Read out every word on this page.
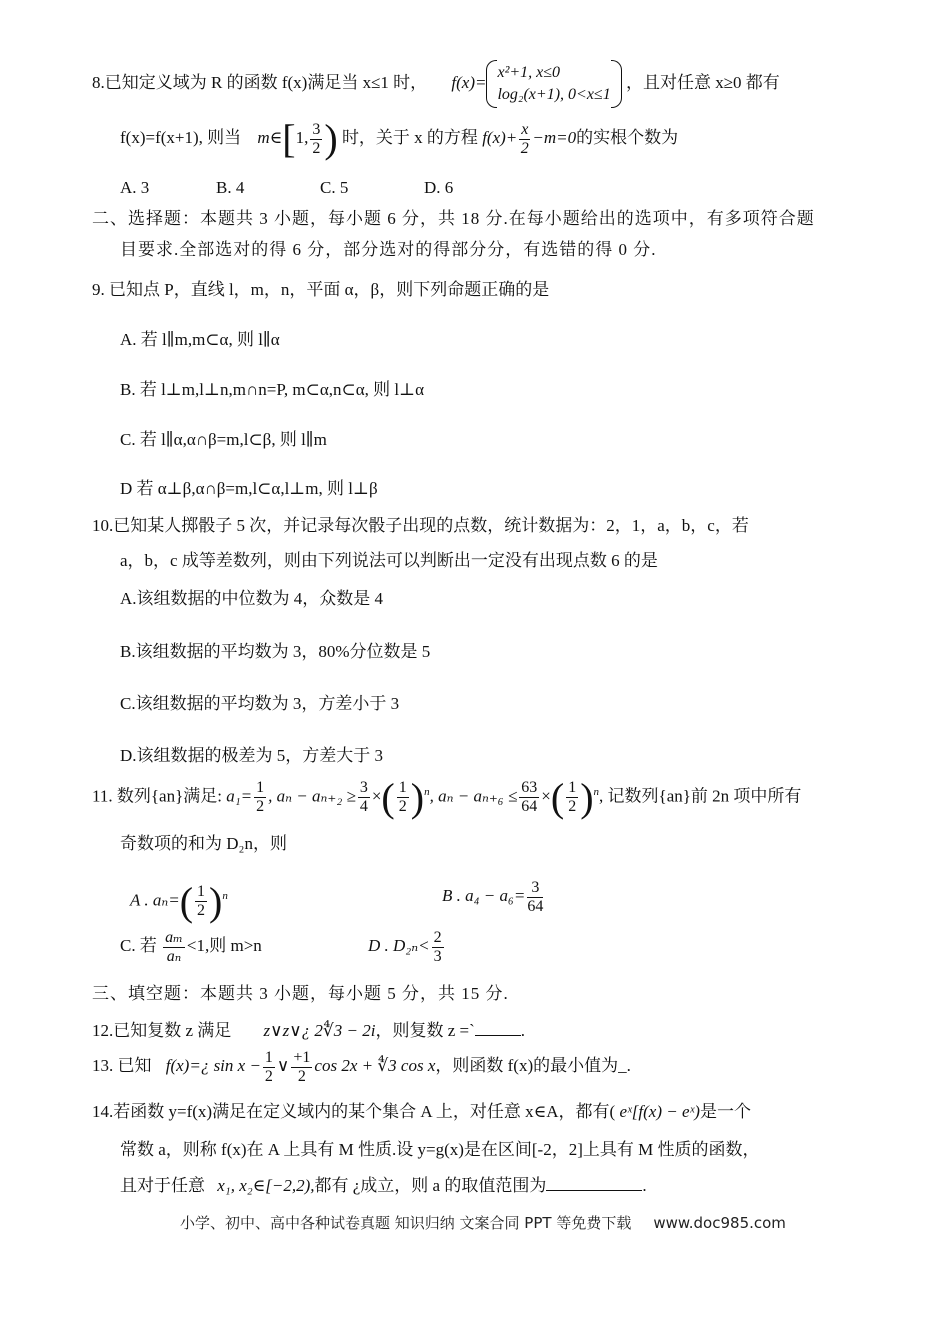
8.已知定义域为 R 的函数 f(x)满足当 x≤1 时， f(x)=
x²+1, x≤0
log₂(x+1), 0<x≤1
，且对任意 x≥0 都有
f(x)=f(x+1), 则当 m∈[1, $\frac{3}{2}$ ) 时，关于 x 的方程 $f(x)+ \frac{x}{2} -m=0$的实根个数为
A. 3	B. 4	C. 5	D. 6
二、选择题：本题共 3 小题，每小题 6 分，共 18 分.在每小题给出的选项中，有多项符合题
目要求.全部选对的得 6 分，部分选对的得部分分，有选错的得 0 分.
9. 已知点 P，直线 l，m，n，平面 α，β，则下列命题正确的是
A. 若 l∥m,m⊂α, 则 l∥α
B. 若 l⊥m,l⊥n,m∩n=P, m⊂α,n⊂α, 则 l⊥α
C. 若 l∥α,α∩β=m,l⊂β, 则 l∥m
D 若 α⊥β,α∩β=m,l⊂α,l⊥m, 则 l⊥β
10.已知某人掷骰子 5 次，并记录每次骰子出现的点数，统计数据为：2，1，a，b，c，若
a，b，c 成等差数列，则由下列说法可以判断出一定没有出现点数 6 的是
A.该组数据的中位数为 4，众数是 4
B.该组数据的平均数为 3，80%分位数是 5
C.该组数据的平均数为 3，方差小于 3
D.该组数据的极差为 5，方差大于 3
11. 数列{an}满足: $a_1= \frac{1}{2}$ , $a_n - a_{n+2} \ge \frac{3}{4}$ ×( $\frac{1}{2} )^n$, $a_n - a_{n+6} \le \frac{63}{64}$ ×( $\frac{1}{2} )^n$, 记数列{an}前 2n 项中所有
奇数项的和为 D₂n，则
A . $a_n=( \frac{1}{2} )^n$	B . $a_4 - a_6= \frac{3}{64}$
C. 若 $\frac{\text{aₘ}}{\text{aₙ}} <1$,则 m>n	D . $D_{2n}< \frac{2}{3}$
三、填空题：本题共 3 小题，每小题 5 分，共 15 分.
12.已知复数 z 满足 z∨z∨¿ 2∜3 − 2i，则复数 z =`	.
13. 已知 f(x)=¿ $\sin x - \frac{1}{2}$ ∨ $\frac{+1}{2}$ cos 2x + ∜3 cos x，则函数 f(x)的最小值为_.
14.若函数 y=f(x)满足在定义域内的某个集合 A 上，对任意 x∈A，都有( eˣ[f(x) − eˣ)是一个
常数 a，则称 f(x)在 A 上具有 M 性质.设 y=g(x)是在区间[-2，2]上具有 M 性质的函数，
且对于任意 x₁, x₂∈[−2,2),都有 ¿成立，则 a 的取值范围为	.
小学、初中、高中各种试卷真题 知识归纳 文案合同 PPT 等免费下载 www.doc985.com
